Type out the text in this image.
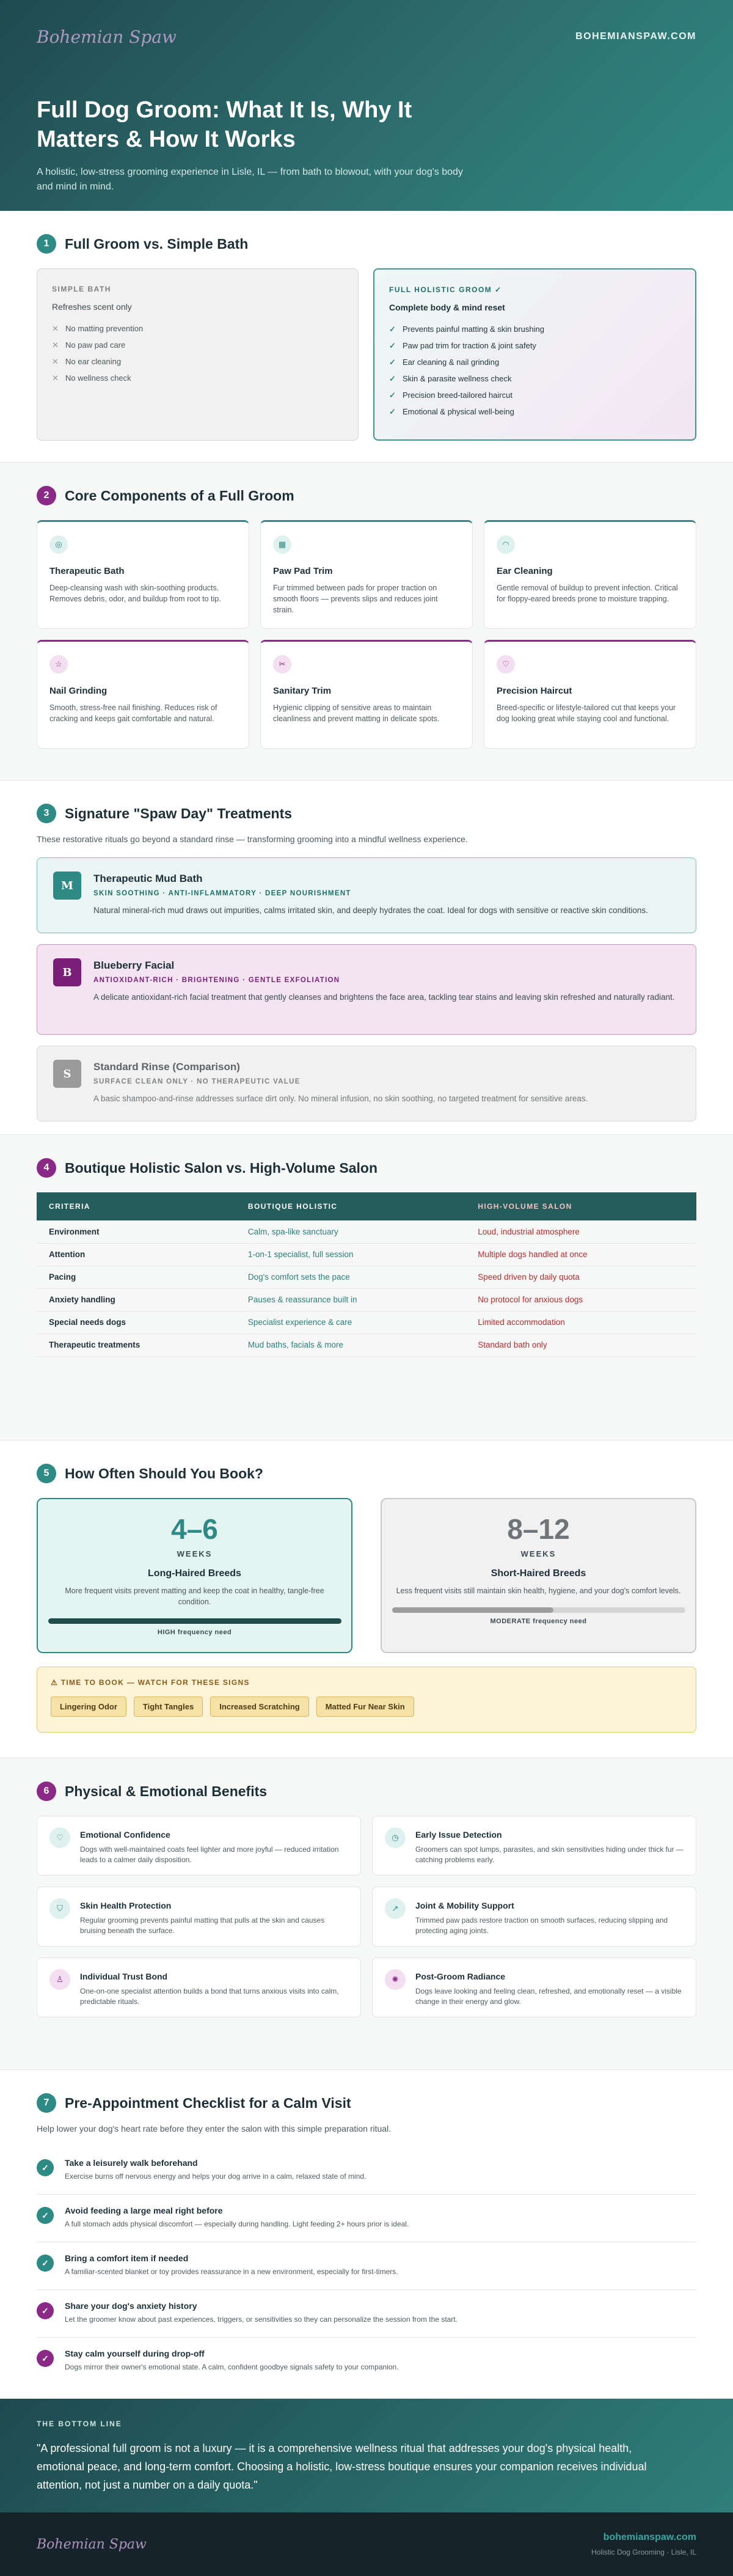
Bohemian Spaw	BOHEMIANSPAW.COM
Full Dog Groom: What It Is, Why It Matters & How It Works

A holistic, low-stress grooming experience in Lisle, IL — from bath to blowout, with your dog's body and mind in mind.

1	Full Groom vs. Simple Bath
SIMPLE BATH
Refreshes scent only
✕ No matting prevention
✕ No paw pad care
✕ No ear cleaning
✕ No wellness check
FULL HOLISTIC GROOM ✓
Complete body & mind reset
✓ Prevents painful matting & skin brushing
✓ Paw pad trim for traction & joint safety
✓ Ear cleaning & nail grinding
✓ Skin & parasite wellness check
✓ Precision breed-tailored haircut
✓ Emotional & physical well-being
2	Core Components of a Full Groom
◎
Therapeutic Bath

Deep-cleansing wash with skin-soothing products. Removes debris, odor, and buildup from root to tip.

▦
Paw Pad Trim

Fur trimmed between pads for proper traction on smooth floors — prevents slips and reduces joint strain.

◠
Ear Cleaning

Gentle removal of buildup to prevent infection. Critical for floppy-eared breeds prone to moisture trapping.

☆
Nail Grinding

Smooth, stress-free nail finishing. Reduces risk of cracking and keeps gait comfortable and natural.

✂
Sanitary Trim

Hygienic clipping of sensitive areas to maintain cleanliness and prevent matting in delicate spots.

♡
Precision Haircut

Breed-specific or lifestyle-tailored cut that keeps your dog looking great while staying cool and functional.

3	Signature "Spaw Day" Treatments

These restorative rituals go beyond a standard rinse — transforming grooming into a mindful wellness experience.

M
Therapeutic Mud Bath
SKIN SOOTHING · ANTI-INFLAMMATORY · DEEP NOURISHMENT

Natural mineral-rich mud draws out impurities, calms irritated skin, and deeply hydrates the coat. Ideal for dogs with sensitive or reactive skin conditions.

B
Blueberry Facial
ANTIOXIDANT-RICH · BRIGHTENING · GENTLE EXFOLIATION

A delicate antioxidant-rich facial treatment that gently cleanses and brightens the face area, tackling tear stains and leaving skin refreshed and naturally radiant.

S
Standard Rinse (Comparison)
SURFACE CLEAN ONLY · NO THERAPEUTIC VALUE

A basic shampoo-and-rinse addresses surface dirt only. No mineral infusion, no skin soothing, no targeted treatment for sensitive areas.

4	Boutique Holistic Salon vs. High-Volume Salon
CRITERIA	BOUTIQUE HOLISTIC	HIGH-VOLUME SALON
Environment	Calm, spa-like sanctuary	Loud, industrial atmosphere
Attention	1-on-1 specialist, full session	Multiple dogs handled at once
Pacing	Dog's comfort sets the pace	Speed driven by daily quota
Anxiety handling	Pauses & reassurance built in	No protocol for anxious dogs
Special needs dogs	Specialist experience & care	Limited accommodation
Therapeutic treatments	Mud baths, facials & more	Standard bath only
5	How Often Should You Book?
4–6
WEEKS
Long-Haired Breeds

More frequent visits prevent matting and keep the coat in healthy, tangle-free condition.

HIGH frequency need
8–12
WEEKS
Short-Haired Breeds

Less frequent visits still maintain skin health, hygiene, and your dog's comfort levels.

MODERATE frequency need
⚠ TIME TO BOOK — WATCH FOR THESE SIGNS
Lingering Odor	Tight Tangles	Increased Scratching	Matted Fur Near Skin
6	Physical & Emotional Benefits
♡	Emotional Confidence

Dogs with well-maintained coats feel lighter and more joyful — reduced irritation leads to a calmer daily disposition.

◷	Early Issue Detection

Groomers can spot lumps, parasites, and skin sensitivities hiding under thick fur — catching problems early.

⛉	Skin Health Protection

Regular grooming prevents painful matting that pulls at the skin and causes bruising beneath the surface.

↗	Joint & Mobility Support

Trimmed paw pads restore traction on smooth surfaces, reducing slipping and protecting aging joints.

♙	Individual Trust Bond

One-on-one specialist attention builds a bond that turns anxious visits into calm, predictable rituals.

✺	Post-Groom Radiance

Dogs leave looking and feeling clean, refreshed, and emotionally reset — a visible change in their energy and glow.

7	Pre-Appointment Checklist for a Calm Visit

Help lower your dog's heart rate before they enter the salon with this simple preparation ritual.

✓	Take a leisurely walk beforehand

Exercise burns off nervous energy and helps your dog arrive in a calm, relaxed state of mind.

✓	Avoid feeding a large meal right before

A full stomach adds physical discomfort — especially during handling. Light feeding 2+ hours prior is ideal.

✓	Bring a comfort item if needed

A familiar-scented blanket or toy provides reassurance in a new environment, especially for first-timers.

✓	Share your dog's anxiety history

Let the groomer know about past experiences, triggers, or sensitivities so they can personalize the session from the start.

✓	Stay calm yourself during drop-off

Dogs mirror their owner's emotional state. A calm, confident goodbye signals safety to your companion.

THE BOTTOM LINE

"A professional full groom is not a luxury — it is a comprehensive wellness ritual that addresses your dog's physical health, emotional peace, and long-term comfort. Choosing a holistic, low-stress boutique ensures your companion receives individual attention, not just a number on a daily quota."

Bohemian Spaw	bohemianspaw.com
Holistic Dog Grooming · Lisle, IL
